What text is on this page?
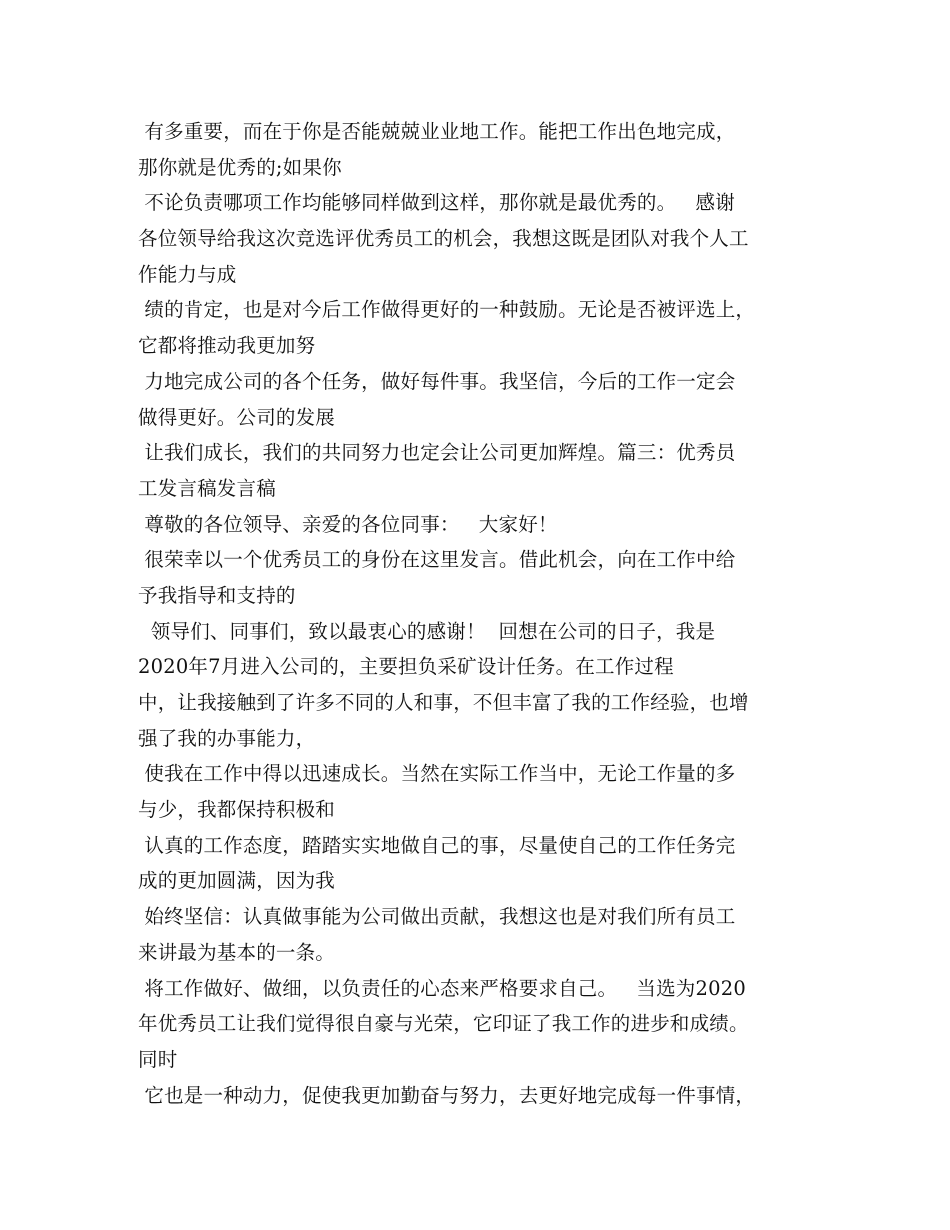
有多重要，而在于你是否能兢兢业业地工作。能把工作出色地完成，
那你就是优秀的;如果你
不论负责哪项工作均能够同样做到这样，那你就是最优秀的。   感谢
各位领导给我这次竞选评优秀员工的机会，我想这既是团队对我个人工
作能力与成
绩的肯定，也是对今后工作做得更好的一种鼓励。无论是否被评选上，
它都将推动我更加努
力地完成公司的各个任务，做好每件事。我坚信，今后的工作一定会
做得更好。公司的发展
让我们成长，我们的共同努力也定会让公司更加辉煌。篇三：优秀员
工发言稿发言稿
尊敬的各位领导、亲爱的各位同事：   大家好！
很荣幸以一个优秀员工的身份在这里发言。借此机会，向在工作中给
予我指导和支持的
领导们、同事们，致以最衷心的感谢！  回想在公司的日子，我是
2020年7月进入公司的，主要担负采矿设计任务。在工作过程
中，让我接触到了许多不同的人和事，不但丰富了我的工作经验，也增
强了我的办事能力，
使我在工作中得以迅速成长。当然在实际工作当中，无论工作量的多
与少，我都保持积极和
认真的工作态度，踏踏实实地做自己的事，尽量使自己的工作任务完
成的更加圆满，因为我
始终坚信：认真做事能为公司做出贡献，我想这也是对我们所有员工
来讲最为基本的一条。
将工作做好、做细，以负责任的心态来严格要求自己。   当选为2020
年优秀员工让我们觉得很自豪与光荣，它印证了我工作的进步和成绩。
同时
它也是一种动力，促使我更加勤奋与努力，去更好地完成每一件事情，
